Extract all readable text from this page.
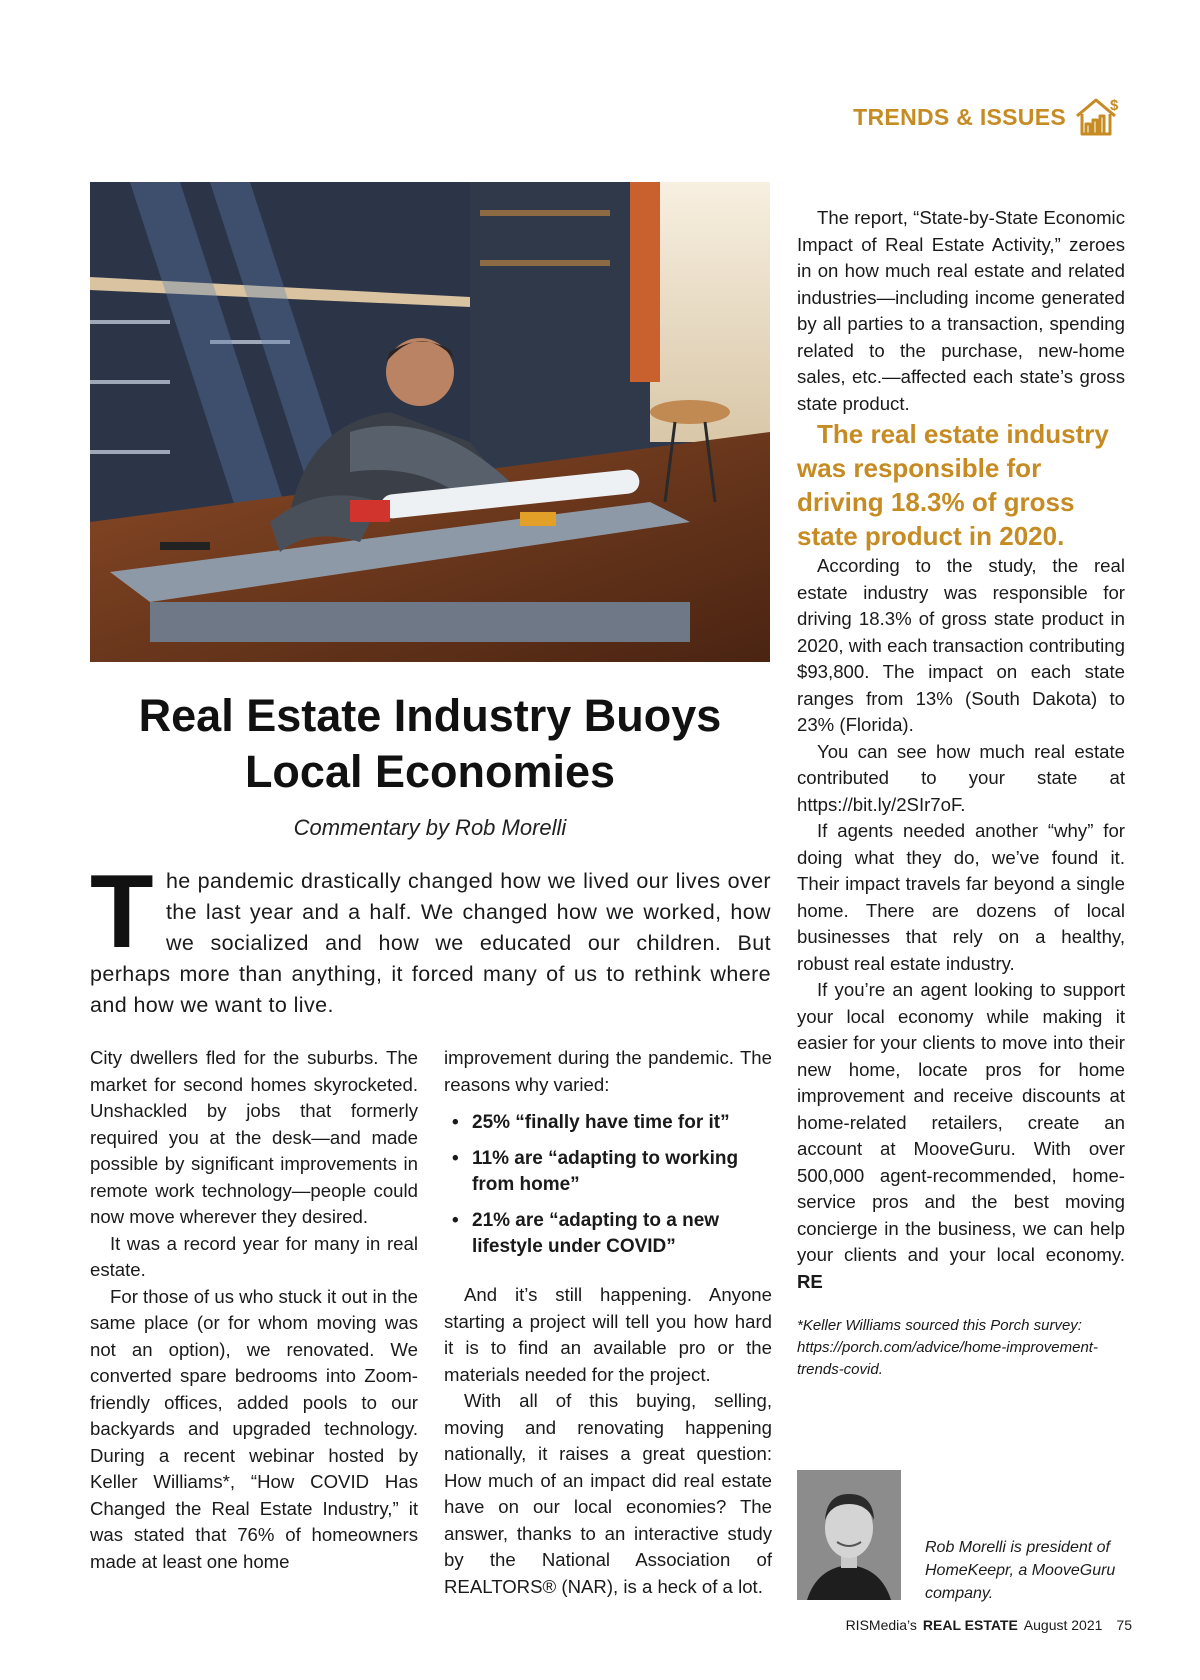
TRENDS & ISSUES	$
Real Estate Industry Buoys
Local Economies
Commentary by Rob Morelli

The pandemic drastically changed how we lived our lives over the last year and a half. We changed how we worked, how we socialized and how we educated our children. But perhaps more than anything, it forced many of us to rethink where and how we want to live.

City dwellers fled for the suburbs. The market for second homes skyrocketed. Unshackled by jobs that formerly required you at the desk—and made possible by significant improvements in remote work technology—people could now move wherever they desired.

It was a record year for many in real estate.

For those of us who stuck it out in the same place (or for whom moving was not an option), we renovated. We converted spare bedrooms into Zoom-friendly offices, added pools to our backyards and upgraded technology. During a recent webinar hosted by Keller Williams*, “How COVID Has Changed the Real Estate Industry,” it was stated that 76% of homeowners made at least one home

improvement during the pandemic. The reasons why varied:

• 25% “finally have time for it”
• 11% are “adapting to working from home”
• 21% are “adapting to a new lifestyle under COVID”

And it’s still happening. Anyone starting a project will tell you how hard it is to find an available pro or the materials needed for the project.

With all of this buying, selling, moving and renovating happening nationally, it raises a great question: How much of an impact did real estate have on our local economies? The answer, thanks to an interactive study by the National Association of REALTORS® (NAR), is a heck of a lot.

The report, “State-by-State Economic Impact of Real Estate Activity,” zeroes in on how much real estate and related industries—including income generated by all parties to a transaction, spending related to the purchase, new-home sales, etc.—affected each state’s gross state product.

The real estate industry was responsible for driving 18.3% of gross state product in 2020.

According to the study, the real estate industry was responsible for driving 18.3% of gross state product in 2020, with each transaction contributing $93,800. The impact on each state ranges from 13% (South Dakota) to 23% (Florida).

You can see how much real estate contributed to your state at https://bit.ly/2SIr7oF.

If agents needed another “why” for doing what they do, we’ve found it. Their impact travels far beyond a single home. There are dozens of local businesses that rely on a healthy, robust real estate industry.

If you’re an agent looking to support your local economy while making it easier for your clients to move into their new home, locate pros for home improvement and receive discounts at home-related retailers, create an account at MooveGuru. With over 500,000 agent-recommended, home-service pros and the best moving concierge in the business, we can help your clients and your local economy. RE

*Keller Williams sourced this Porch survey: https://porch.com/advice/home-improvement-trends-covid.

Rob Morelli is president of HomeKeepr, a MooveGuru company.
RISMedia’s REAL ESTATE August 2021 75
